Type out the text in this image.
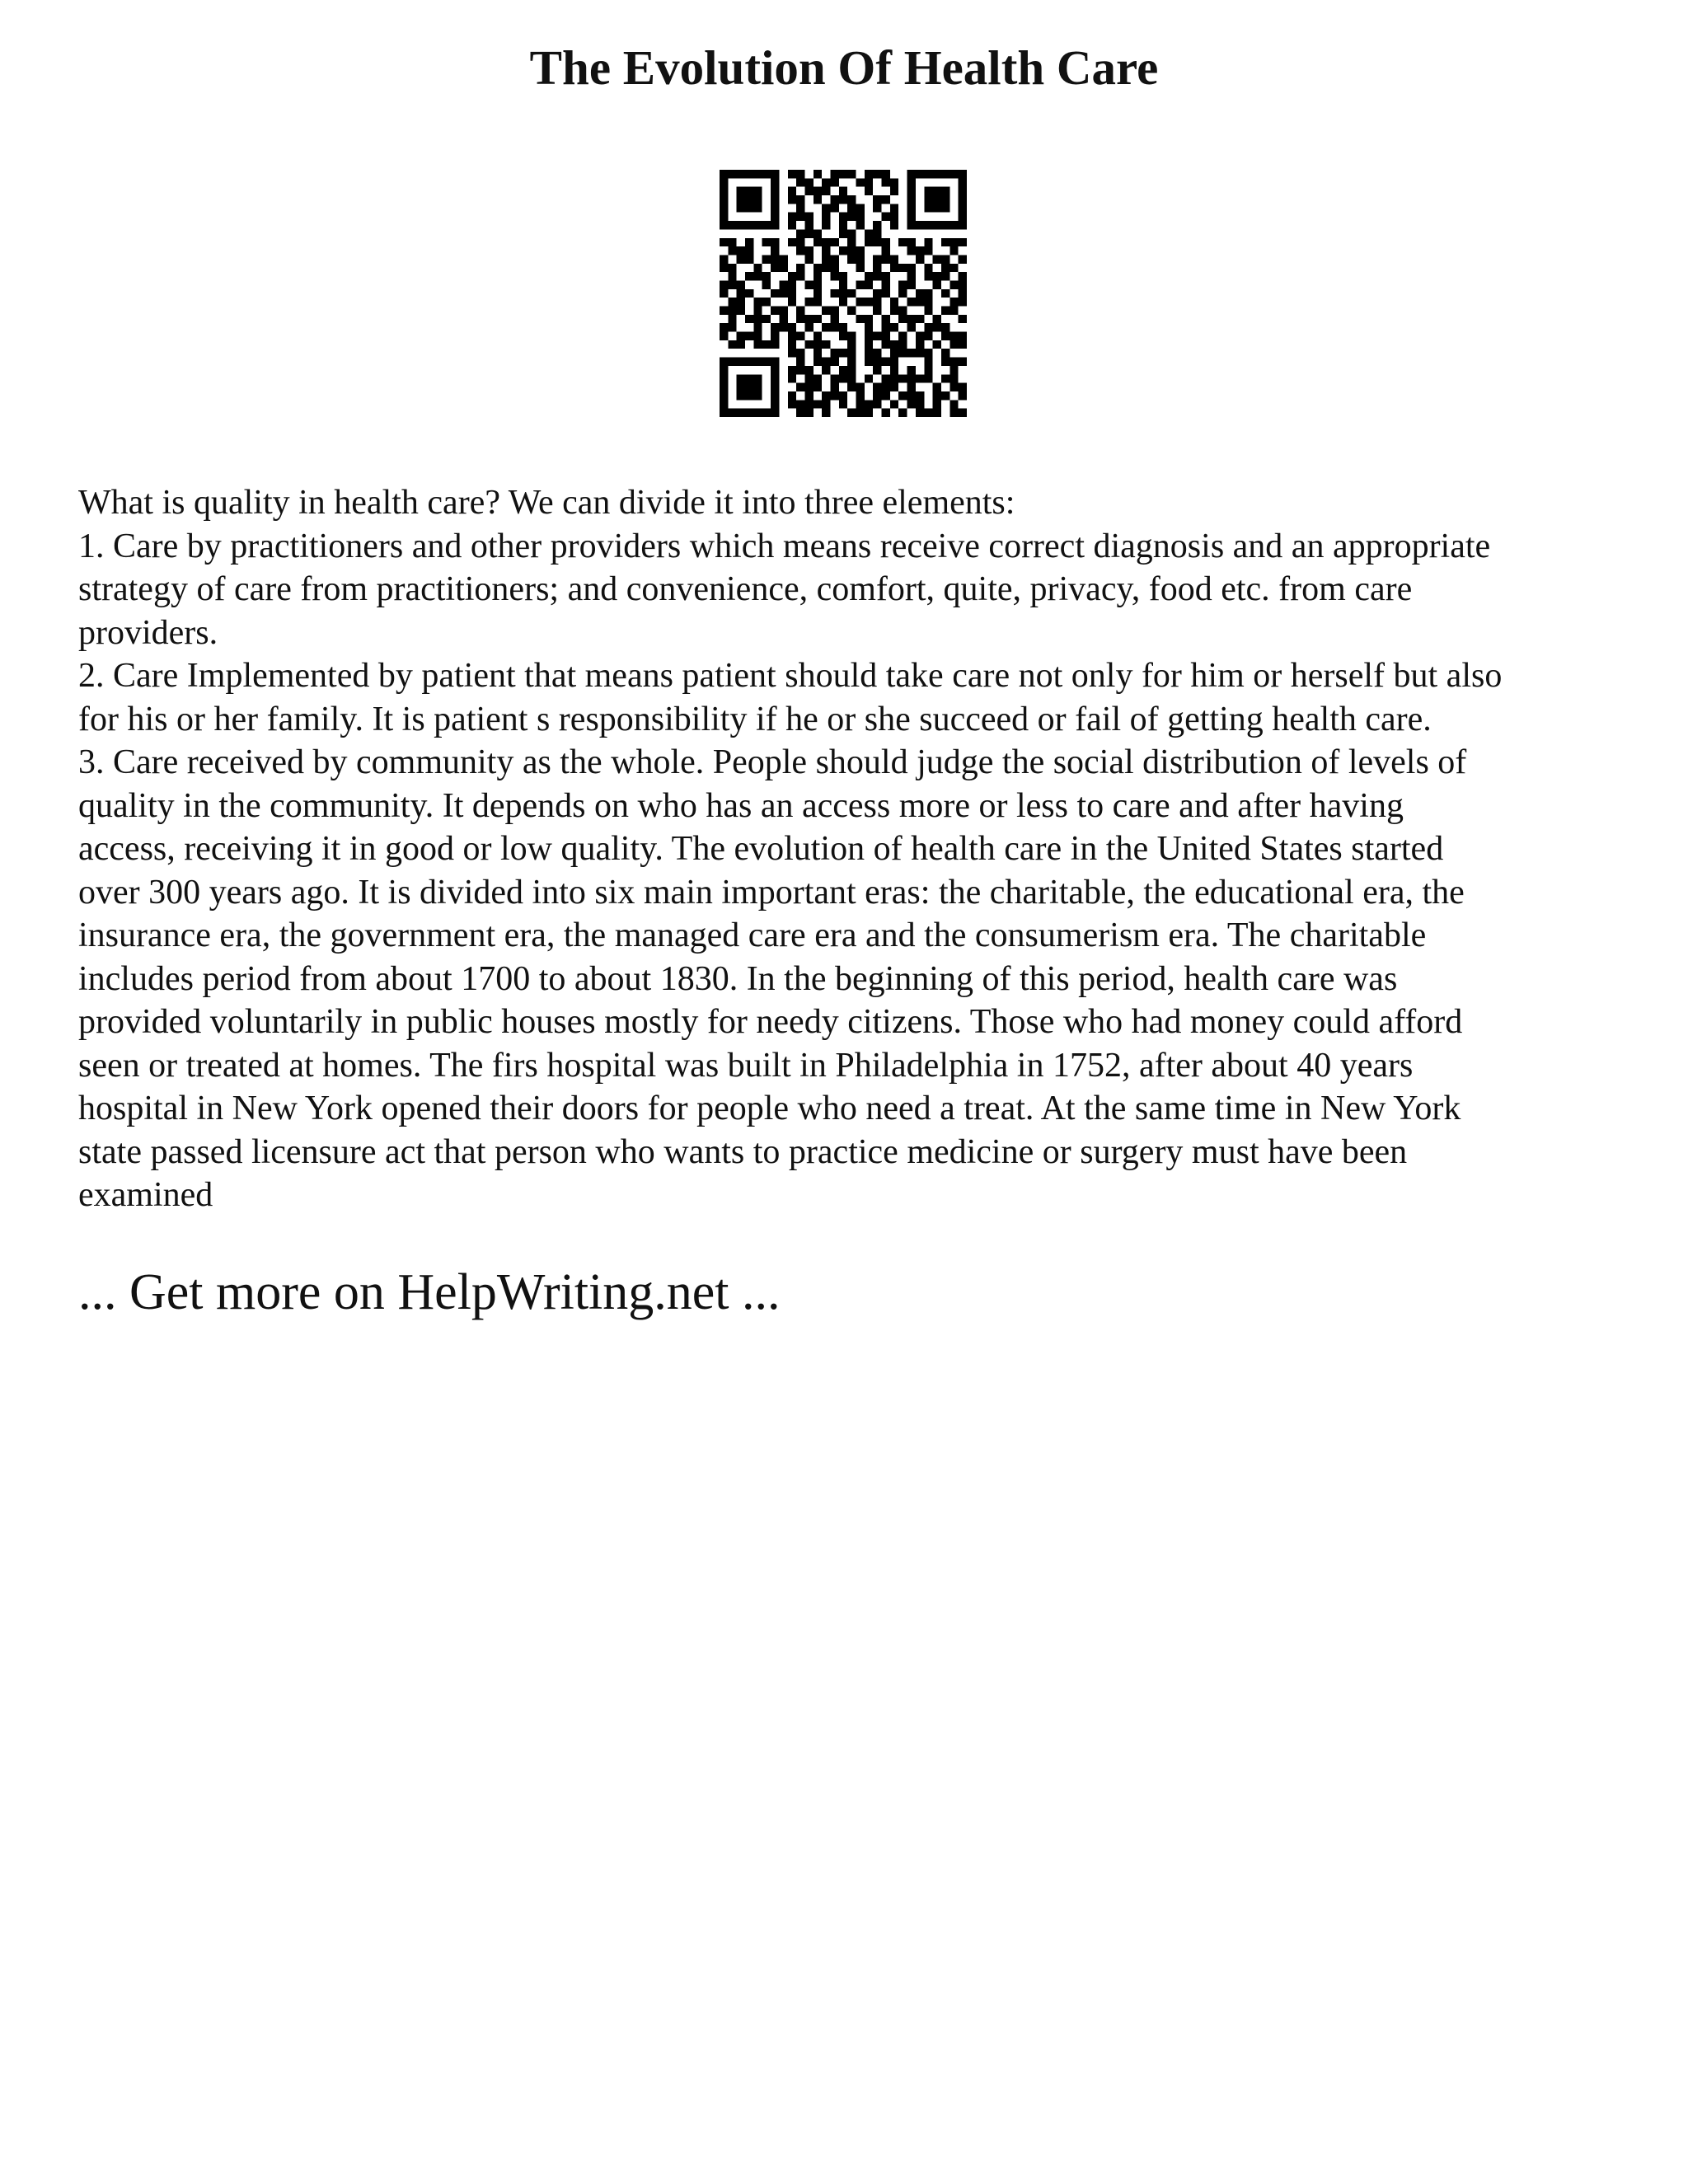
The Evolution Of Health Care
What is quality in health care? We can divide it into three elements:
1. Care by practitioners and other providers which means receive correct diagnosis and an appropriate
strategy of care from practitioners; and convenience, comfort, quite, privacy, food etc. from care
providers.
2. Care Implemented by patient that means patient should take care not only for him or herself but also
for his or her family. It is patient s responsibility if he or she succeed or fail of getting health care.
3. Care received by community as the whole. People should judge the social distribution of levels of
quality in the community. It depends on who has an access more or less to care and after having
access, receiving it in good or low quality. The evolution of health care in the United States started
over 300 years ago. It is divided into six main important eras: the charitable, the educational era, the
insurance era, the government era, the managed care era and the consumerism era. The charitable
includes period from about 1700 to about 1830. In the beginning of this period, health care was
provided voluntarily in public houses mostly for needy citizens. Those who had money could afford
seen or treated at homes. The firs hospital was built in Philadelphia in 1752, after about 40 years
hospital in New York opened their doors for people who need a treat. At the same time in New York
state passed licensure act that person who wants to practice medicine or surgery must have been
examined

... Get more on HelpWriting.net ...
